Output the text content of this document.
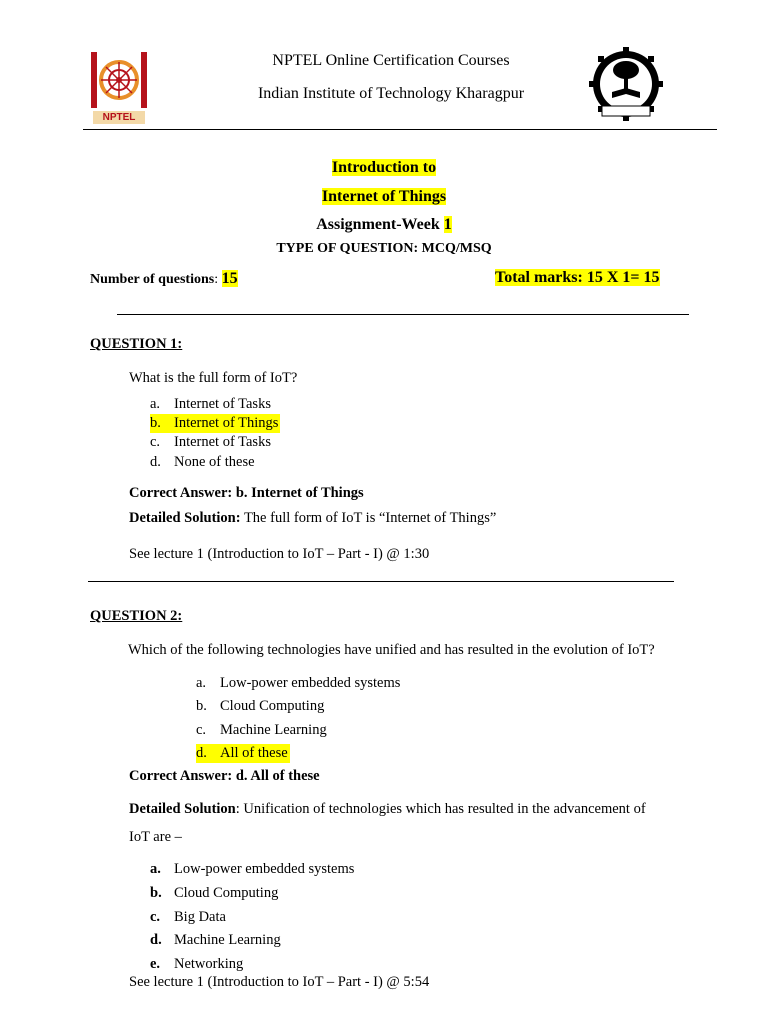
NPTEL
NPTEL Online Certification Courses
Indian Institute of Technology Kharagpur
Introduction to
Internet of Things
Assignment-Week 1
TYPE OF QUESTION: MCQ/MSQ
Number of questions: 15	Total marks: 15 X 1= 15
QUESTION 1:
What is the full form of IoT?
a. Internet of Tasks
b. Internet of Things
c. Internet of Tasks
d. None of these
Correct Answer: b. Internet of Things
Detailed Solution: The full form of IoT is “Internet of Things”
See lecture 1 (Introduction to IoT – Part - I) @ 1:30
QUESTION 2:
Which of the following technologies have unified and has resulted in the evolution of IoT?
a. Low-power embedded systems
b. Cloud Computing
c. Machine Learning
d. All of these
Correct Answer: d. All of these
Detailed Solution: Unification of technologies which has resulted in the advancement of
IoT are –
a. Low-power embedded systems
b. Cloud Computing
c. Big Data
d. Machine Learning
e. Networking
See lecture 1 (Introduction to IoT – Part - I) @ 5:54
